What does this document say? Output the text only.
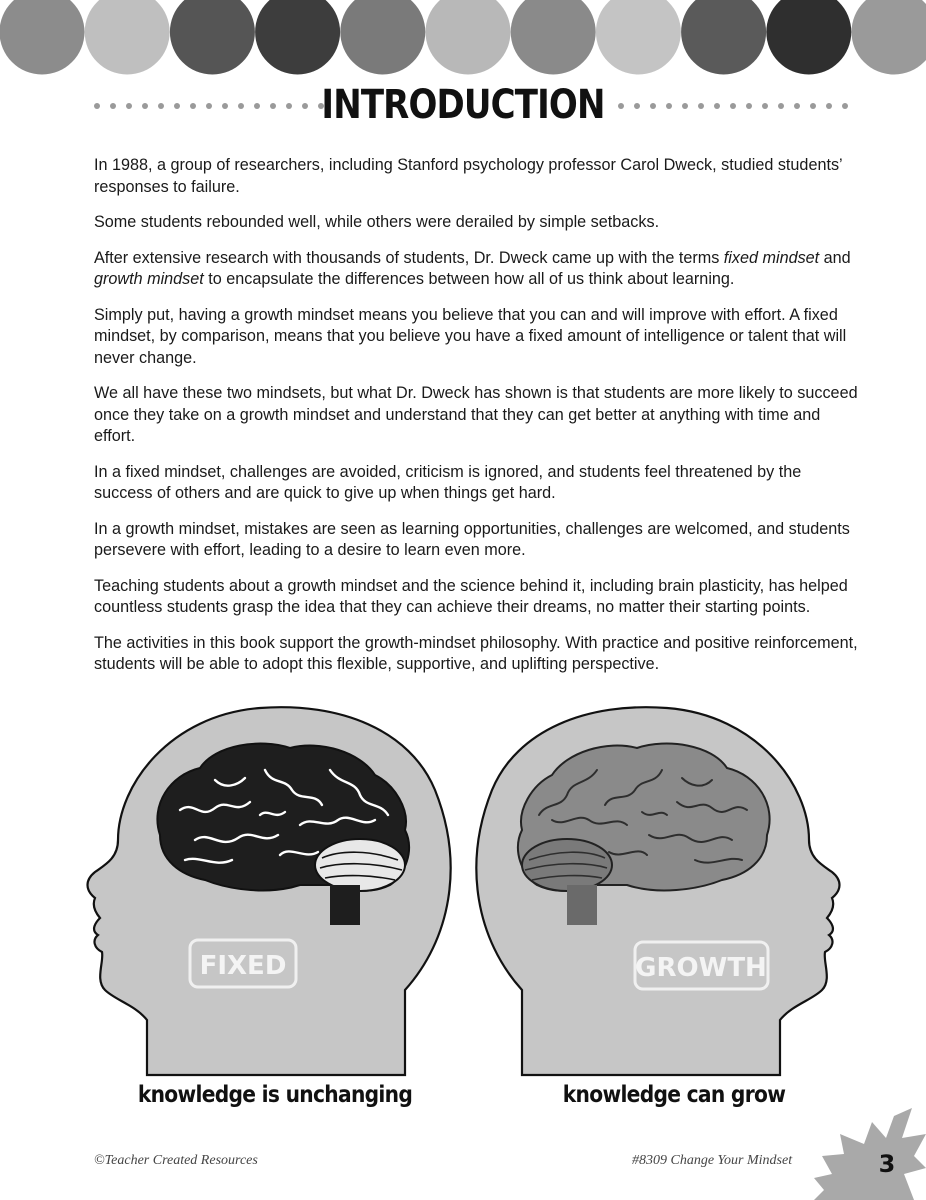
INTRODUCTION

In 1988, a group of researchers, including Stanford psychology professor Carol Dweck, studied students’ responses to failure.

Some students rebounded well, while others were derailed by simple setbacks.

After extensive research with thousands of students, Dr. Dweck came up with the terms fixed mindset and growth mindset to encapsulate the differences between how all of us think about learning.

Simply put, having a growth mindset means you believe that you can and will improve with effort. A fixed mindset, by comparison, means that you believe you have a fixed amount of intelligence or talent that will never change.

We all have these two mindsets, but what Dr. Dweck has shown is that students are more likely to succeed once they take on a growth mindset and understand that they can get better at anything with time and effort.

In a fixed mindset, challenges are avoided, criticism is ignored, and students feel threatened by the success of others and are quick to give up when things get hard.

In a growth mindset, mistakes are seen as learning opportunities, challenges are welcomed, and students persevere with effort, leading to a desire to learn even more.

Teaching students about a growth mindset and the science behind it, including brain plasticity, has helped countless students grasp the idea that they can achieve their dreams, no matter their starting points.

The activities in this book support the growth-mindset philosophy. With practice and positive reinforcement, students will be able to adopt this flexible, supportive, and uplifting perspective.

FIXED	GROWTH
knowledge is unchanging	knowledge can grow
©Teacher Created Resources	#8309 Change Your Mindset	3
